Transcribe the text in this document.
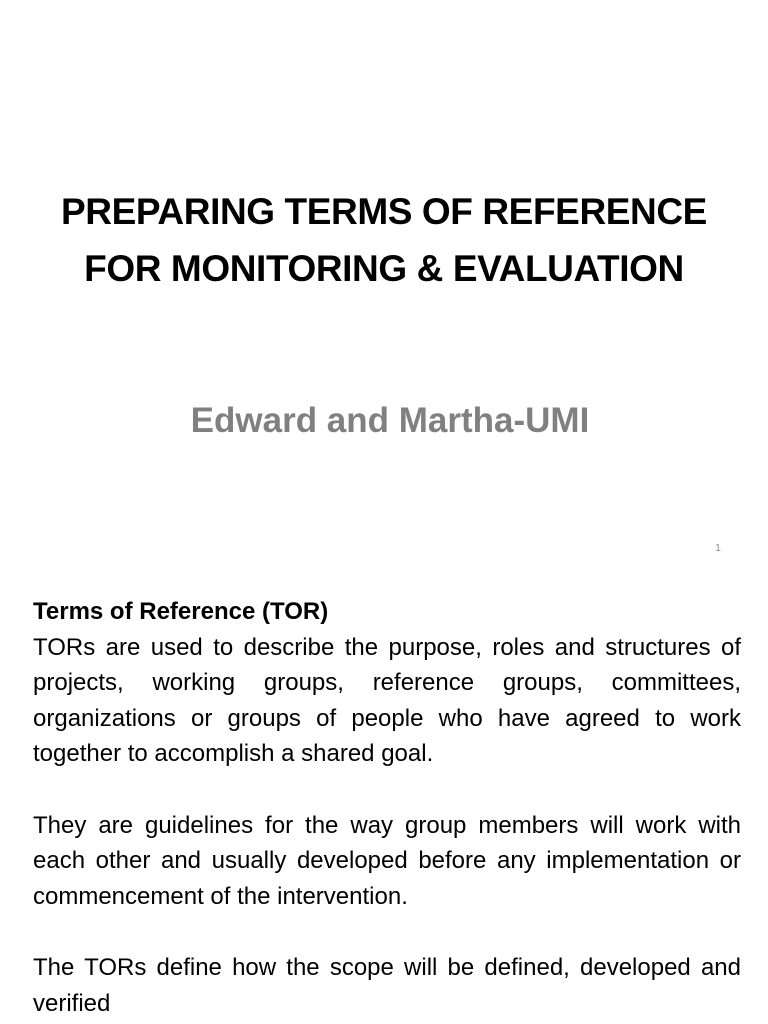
PREPARING TERMS OF REFERENCE
FOR MONITORING & EVALUATION
Edward and Martha-UMI
1
Terms of Reference (TOR)

TORs are used to describe the purpose, roles and structures of projects, working groups, reference groups, committees, organizations or groups of people who have agreed to work together to accomplish a shared goal.

They are guidelines for the way group members will work with each other and usually developed before any implementation or commencement of the intervention.

The TORs define how the scope will be defined, developed and verified
